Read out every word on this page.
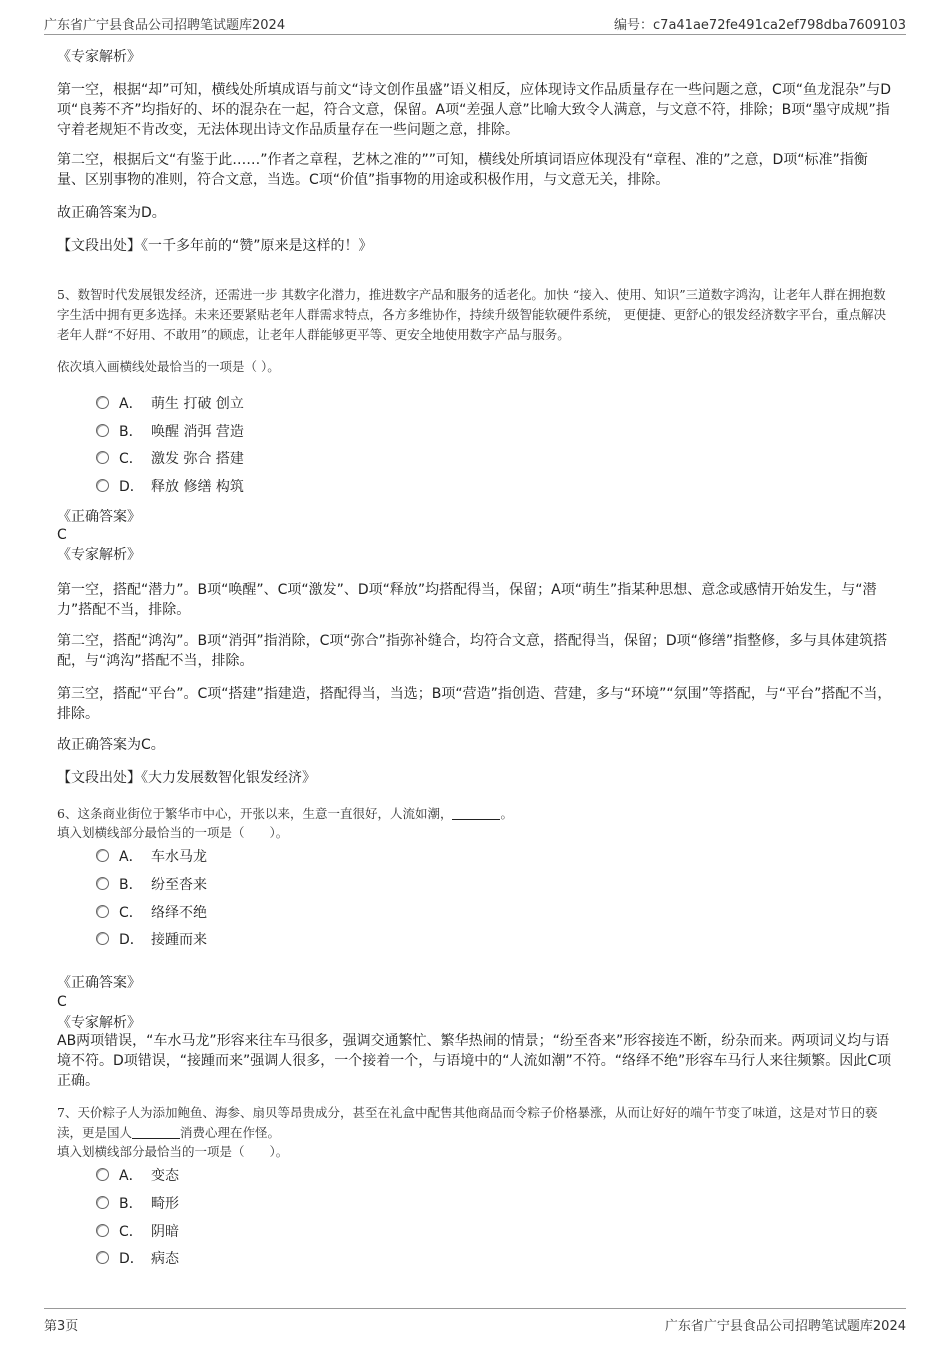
广东省广宁县食品公司招聘笔试题库2024	编号：c7a41ae72fe491ca2ef798dba7609103
《专家解析》
第一空，根据“却”可知，横线处所填成语与前文“诗文创作虽盛”语义相反，应体现诗文作品质量存在一些问题之意，C项“鱼龙混杂”与D项“良莠不齐”均指好的、坏的混杂在一起，符合文意，保留。A项“差强人意”比喻大致令人满意，与文意不符，排除；B项“墨守成规”指守着老规矩不肯改变，无法体现出诗文作品质量存在一些问题之意，排除。
第二空，根据后文“有鉴于此……”作者之章程，艺林之准的””可知，横线处所填词语应体现没有“章程、准的”之意，D项“标准”指衡量、区别事物的准则，符合文意，当选。C项“价值”指事物的用途或积极作用，与文意无关，排除。
故正确答案为D。
【文段出处】《一千多年前的“赞”原来是这样的！》
5、数智时代发展银发经济，还需进一步 其数字化潜力，推进数字产品和服务的适老化。加快 “接入、使用、知识”三道数字鸿沟，让老年人群在拥抱数字生活中拥有更多选择。未来还要紧贴老年人群需求特点，各方多维协作，持续升级智能软硬件系统， 更便捷、更舒心的银发经济数字平台，重点解决老年人群“不好用、不敢用”的顾虑，让老年人群能够更平等、更安全地使用数字产品与服务。
依次填入画横线处最恰当的一项是（ ）。
A． 萌生 打破 创立
B． 唤醒 消弭 营造
C． 激发 弥合 搭建
D． 释放 修缮 构筑
《正确答案》
C
《专家解析》
第一空，搭配“潜力”。B项“唤醒”、C项“激发”、D项“释放”均搭配得当，保留；A项“萌生”指某种思想、意念或感情开始发生，与“潜力”搭配不当，排除。
第二空，搭配“鸿沟”。B项“消弭”指消除，C项“弥合”指弥补缝合，均符合文意，搭配得当，保留；D项“修缮”指整修，多与具体建筑搭配，与“鸿沟”搭配不当，排除。
第三空，搭配“平台”。C项“搭建”指建造，搭配得当，当选；B项“营造”指创造、营建，多与“环境”“氛围”等搭配，与“平台”搭配不当，排除。
故正确答案为C。
【文段出处】《大力发展数智化银发经济》
6、这条商业街位于繁华市中心，开张以来，生意一直很好，人流如潮，	。
填入划横线部分最恰当的一项是（　　）。
A． 车水马龙
B． 纷至沓来
C． 络绎不绝
D． 接踵而来
《正确答案》
C
《专家解析》
AB两项错误，“车水马龙”形容来往车马很多，强调交通繁忙、繁华热闹的情景；“纷至沓来”形容接连不断，纷杂而来。两项词义均与语境不符。D项错误，“接踵而来”强调人很多，一个接着一个，与语境中的“人流如潮”不符。“络绎不绝”形容车马行人来往频繁。因此C项正确。
7、天价粽子人为添加鲍鱼、海参、扇贝等昂贵成分，甚至在礼盒中配售其他商品而令粽子价格暴涨，从而让好好的端午节变了味道，这是对节日的亵渎，更是国人	消费心理在作怪。
填入划横线部分最恰当的一项是（　　）。
A． 变态
B． 畸形
C． 阴暗
D． 病态
第3页	广东省广宁县食品公司招聘笔试题库2024
